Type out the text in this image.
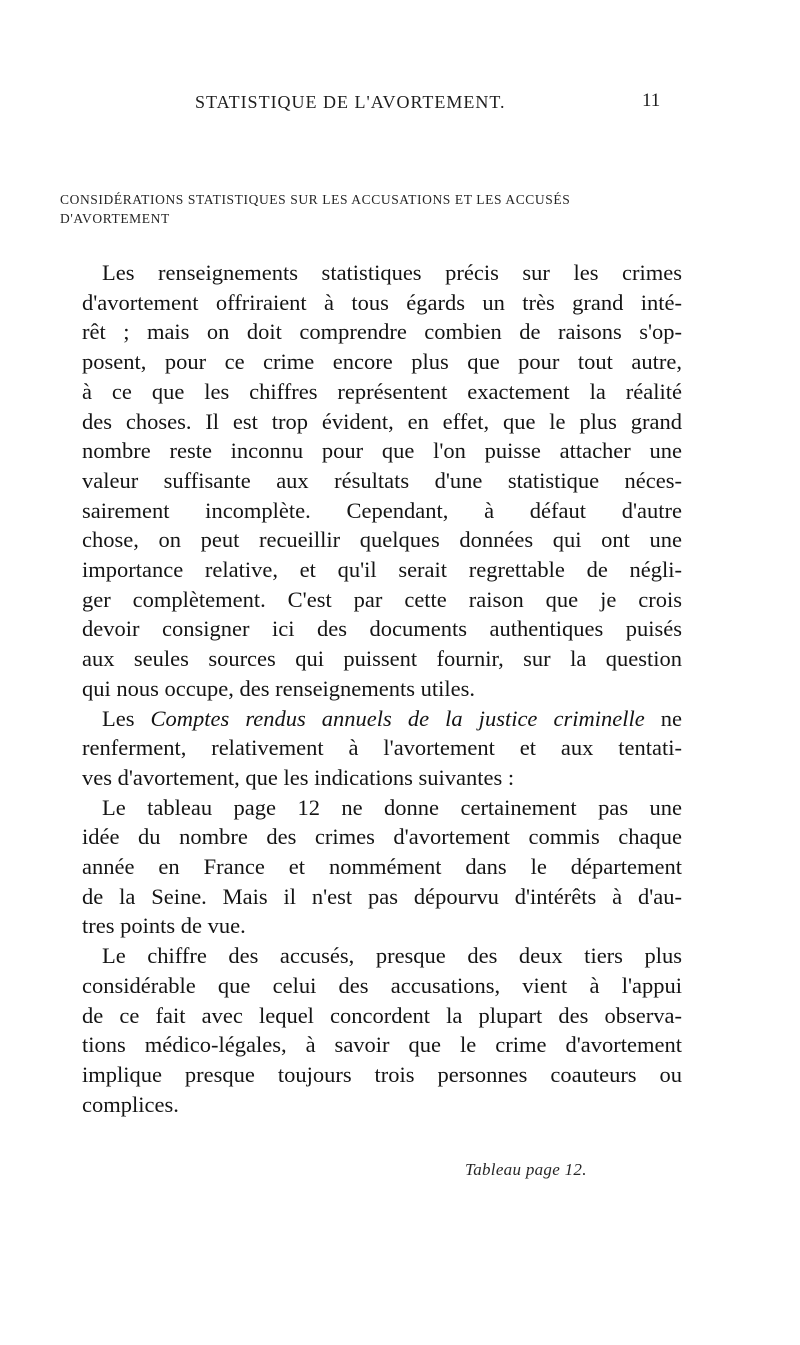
STATISTIQUE DE L'AVORTEMENT.	11
CONSIDÉRATIONS STATISTIQUES SUR LES ACCUSATIONS ET LES ACCUSÉS
D'AVORTEMENT
Les renseignements statistiques précis sur les crimes
d'avortement offriraient à tous égards un très grand inté-
rêt ; mais on doit comprendre combien de raisons s'op-
posent, pour ce crime encore plus que pour tout autre,
à ce que les chiffres représentent exactement la réalité
des choses. Il est trop évident, en effet, que le plus grand
nombre reste inconnu pour que l'on puisse attacher une
valeur suffisante aux résultats d'une statistique néces-
sairement incomplète. Cependant, à défaut d'autre
chose, on peut recueillir quelques données qui ont une
importance relative, et qu'il serait regrettable de négli-
ger complètement. C'est par cette raison que je crois
devoir consigner ici des documents authentiques puisés
aux seules sources qui puissent fournir, sur la question
qui nous occupe, des renseignements utiles.
Les Comptes rendus annuels de la justice criminelle ne
renferment, relativement à l'avortement et aux tentati-
ves d'avortement, que les indications suivantes :
Le tableau page 12 ne donne certainement pas une
idée du nombre des crimes d'avortement commis chaque
année en France et nommément dans le département
de la Seine. Mais il n'est pas dépourvu d'intérêts à d'au-
tres points de vue.
Le chiffre des accusés, presque des deux tiers plus
considérable que celui des accusations, vient à l'appui
de ce fait avec lequel concordent la plupart des observa-
tions médico-légales, à savoir que le crime d'avortement
implique presque toujours trois personnes coauteurs ou
complices.
Tableau page 12.
